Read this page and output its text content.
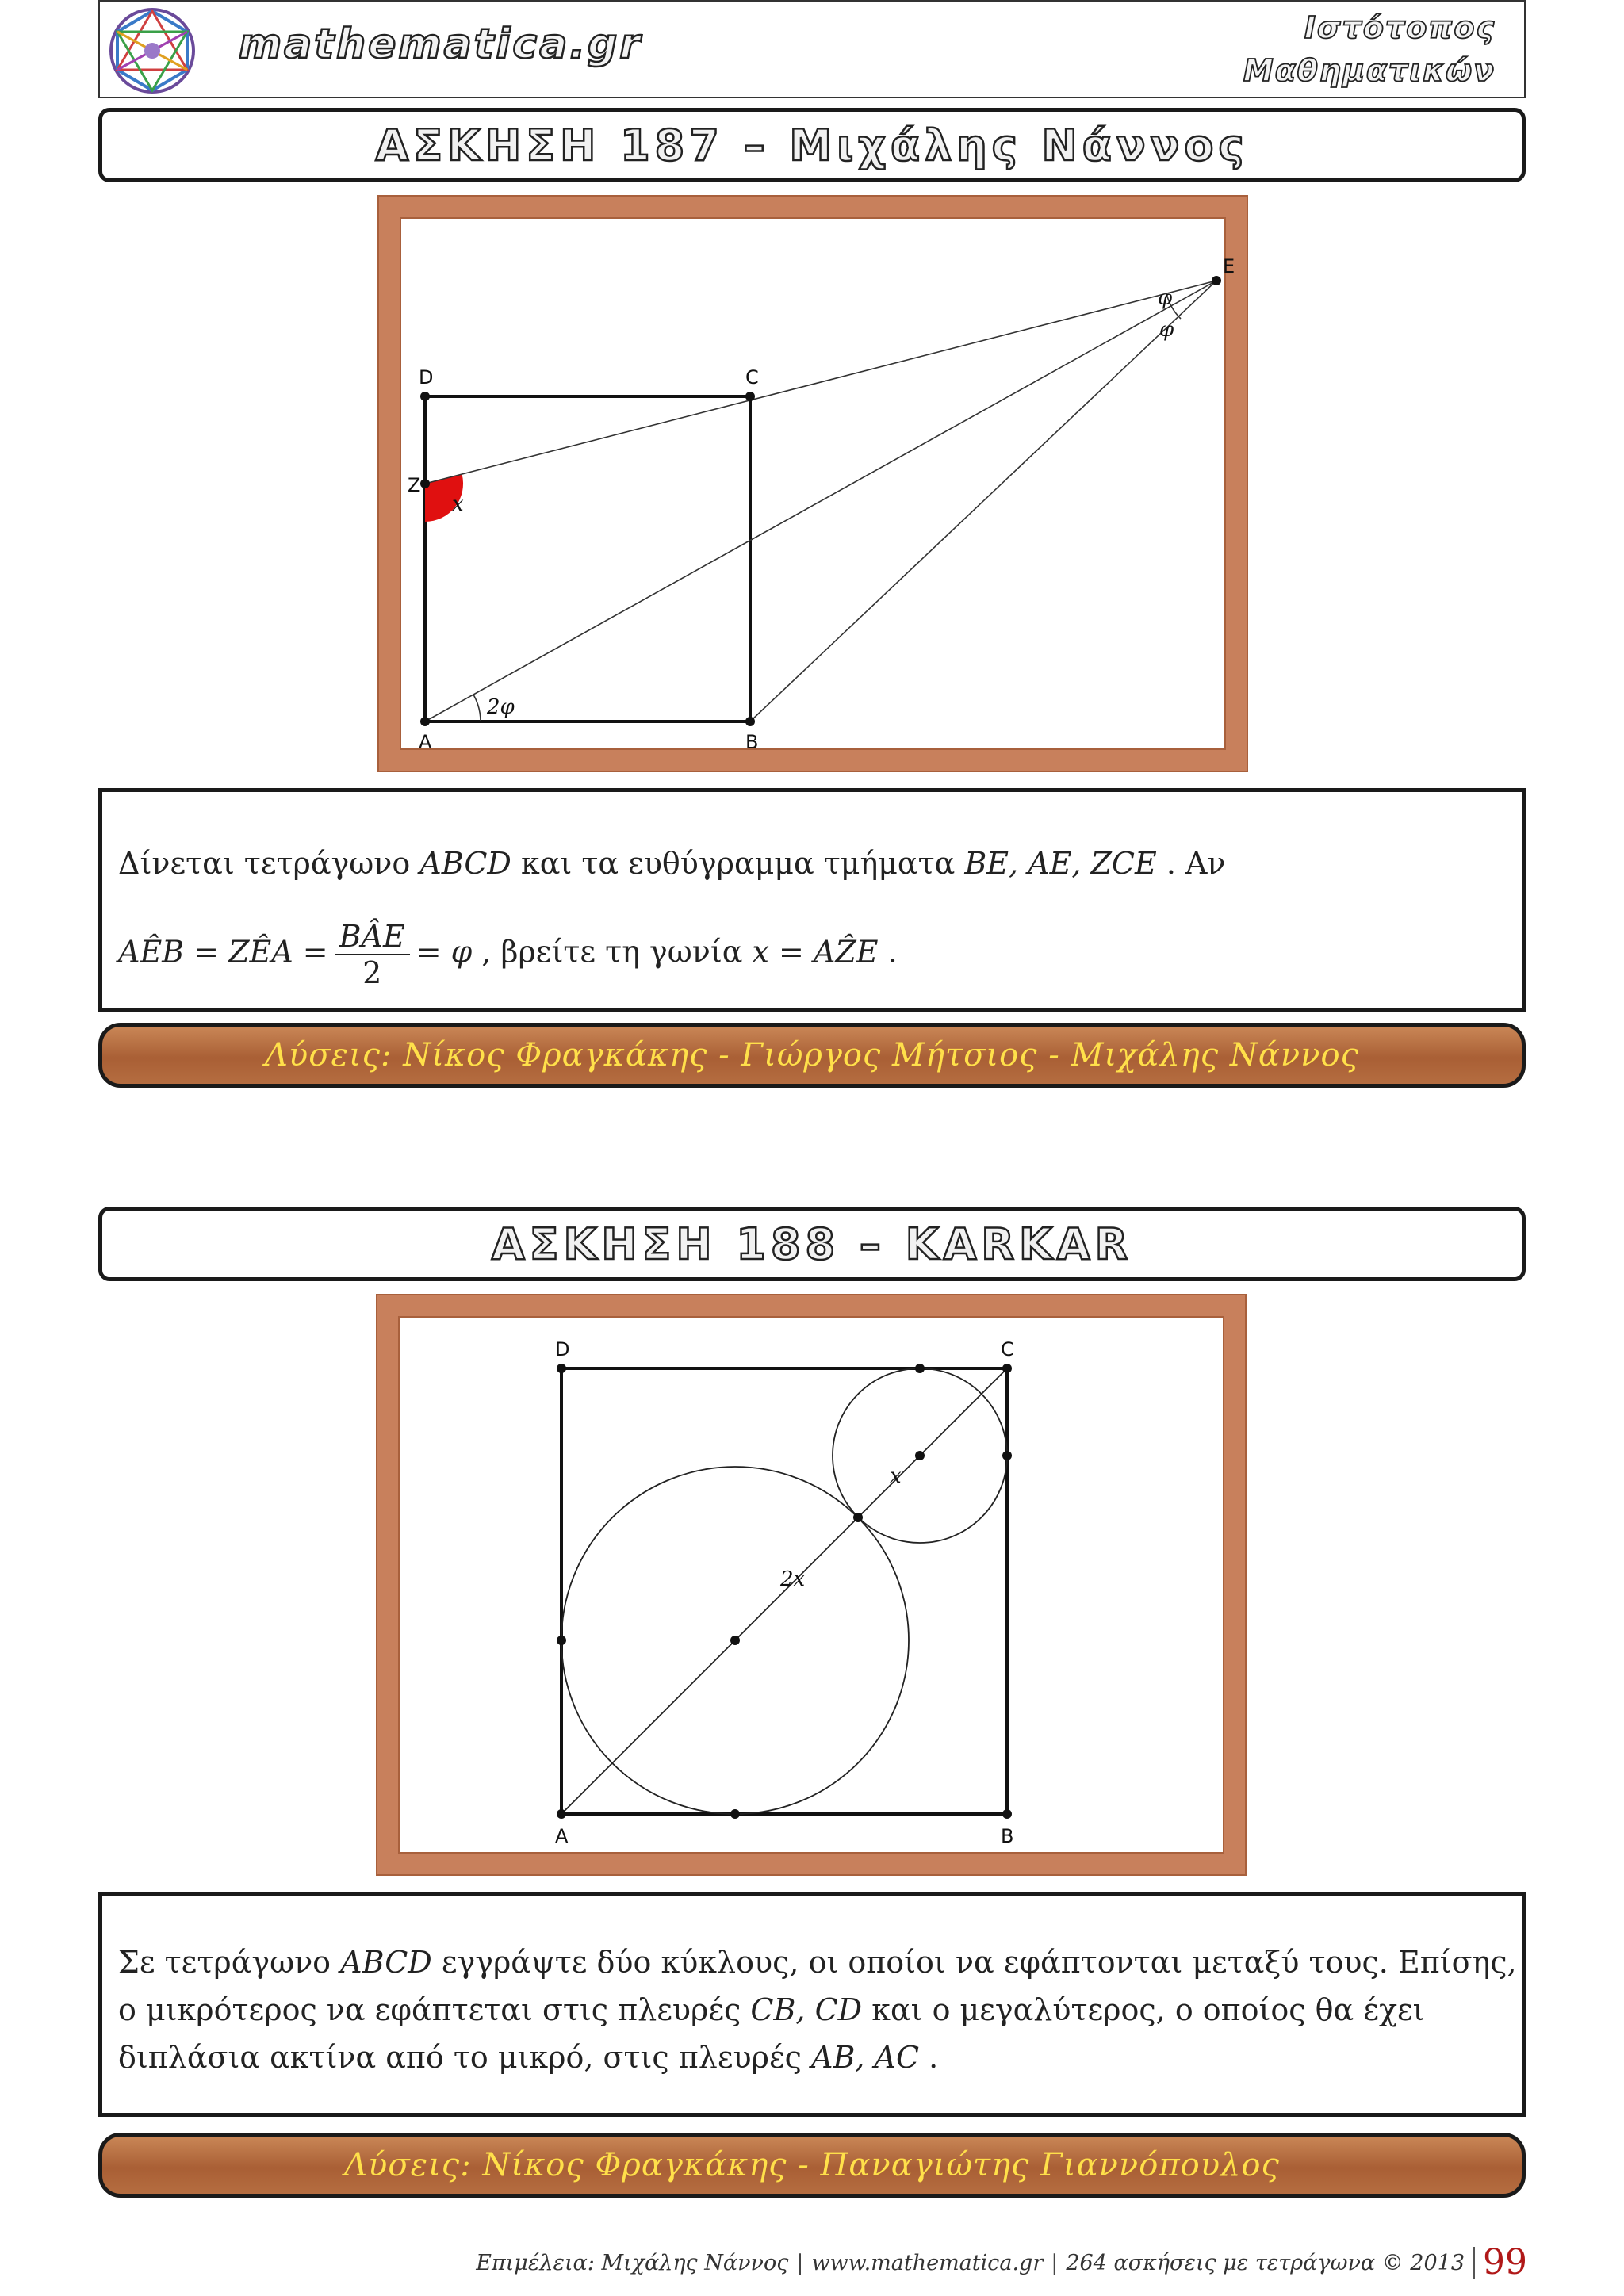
mathematica.gr	Ιστότοπος
Μαθηματικών
ΑΣΚΗΣΗ 187 – Μιχάλης Νάννος
A	B
C
D
E
Z
x
φ
φ
2φ
Δίνεται τετράγωνο ABCD και τα ευθύγραμμα τμήματα BE, AE, ZCE . Αν
AÊB = ZÊA = $\frac{\text{BÂE}}{2} = \varphi$ , βρείτε τη γωνία x = AẐE .
Λύσεις: Νίκος Φραγκάκης - Γιώργος Μήτσιος - Μιχάλης Νάννος
ΑΣΚΗΣΗ 188 – KARKAR
A	B
C
D
x
2x
Σε τετράγωνο ABCD εγγράψτε δύο κύκλους, οι οποίοι να εφάπτονται μεταξύ τους. Επίσης,
ο μικρότερος να εφάπτεται στις πλευρές CB, CD και ο μεγαλύτερος, ο οποίος θα έχει
διπλάσια ακτίνα από το μικρό, στις πλευρές AB, AC .
Λύσεις: Νίκος Φραγκάκης - Παναγιώτης Γιαννόπουλος
Επιμέλεια: Μιχάλης Νάννος | www.mathematica.gr | 264 ασκήσεις με τετράγωνα © 2013 99
